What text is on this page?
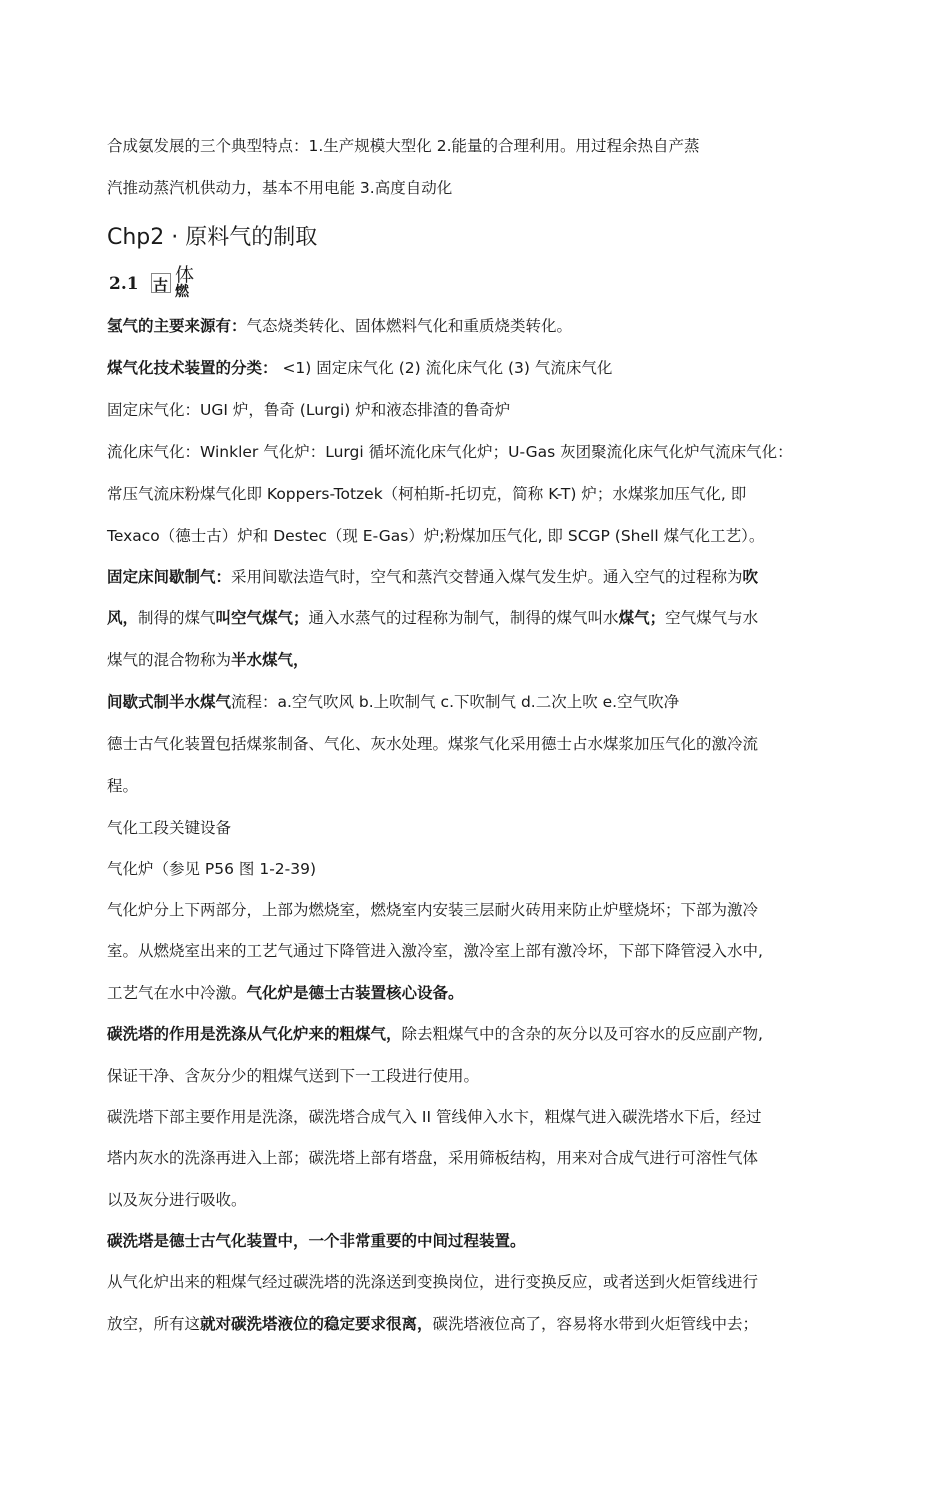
合成氨发展的三个典型特点：1.生产规模大型化 2.能量的合理利用。用过程余热自产蒸
汽推动蒸汽机供动力，基本不用电能 3.高度自动化
Chp2 · 原料气的制取
2.1 古 体
燃
氢气的主要来源有：气态烧类转化、固体燃料气化和重质烧类转化。
煤气化技术装置的分类： <1) 固定床气化 (2) 流化床气化 (3) 气流床气化
固定床气化：UGI 炉，鲁奇 (Lurgi) 炉和液态排渣的鲁奇炉
流化床气化：Winkler 气化炉：Lurgi 循坏流化床气化炉；U-Gas 灰团聚流化床气化炉气流床气化：
常压气流床粉煤气化即 Koppers-Totzek（柯柏斯-托切克，简称 K-T) 炉；水煤浆加压气化, 即
Texaco（德士古）炉和 Destec（现 E-Gas）炉;粉煤加压气化, 即 SCGP (Shell 煤气化工艺）。
固定床间歇制气：采用间歇法造气时，空气和蒸汽交替通入煤气发生炉。通入空气的过程称为吹
风，制得的煤气叫空气煤气；通入水蒸气的过程称为制气，制得的煤气叫水煤气；空气煤气与水
煤气的混合物称为半水煤气，
间歇式制半水煤气流程：a.空气吹风 b.上吹制气 c.下吹制气 d.二次上吹 e.空气吹净
德士古气化装置包括煤浆制备、气化、灰水处理。煤浆气化采用德士占水煤浆加压气化的激冷流
程。
气化工段关键设备
气化炉（参见 P56 图 1-2-39)
气化炉分上下两部分，上部为燃烧室，燃烧室内安装三层耐火砖用来防止炉壁烧坏；下部为激冷
室。从燃烧室出来的工艺气通过下降管进入激冷室，激冷室上部有激冷坏，下部下降管浸入水中,
工艺气在水中冷激。气化炉是德士古装置核心设备。
碳洗塔的作用是洗涤从气化炉来的粗煤气，除去粗煤气中的含杂的灰分以及可容水的反应副产物,
保证干净、含灰分少的粗煤气送到下一工段进行使用。
碳洗塔下部主要作用是洗涤，碳洗塔合成气入 II 管线伸入水卞，粗煤气进入碳洗塔水下后，经过
塔内灰水的洗涤再进入上部；碳洗塔上部有塔盘，采用筛板结构，用来对合成气进行可溶性气体
以及灰分进行吸收。
碳洗塔是德士古气化装置中，一个非常重要的中间过程装置。
从气化炉出来的粗煤气经过碳洗塔的洗涤送到变换岗位，进行变换反应，或者送到火炬管线进行
放空，所有这就对碳洗塔液位的稳定要求很离，碳洗塔液位高了，容易将水带到火炬管线中去；
